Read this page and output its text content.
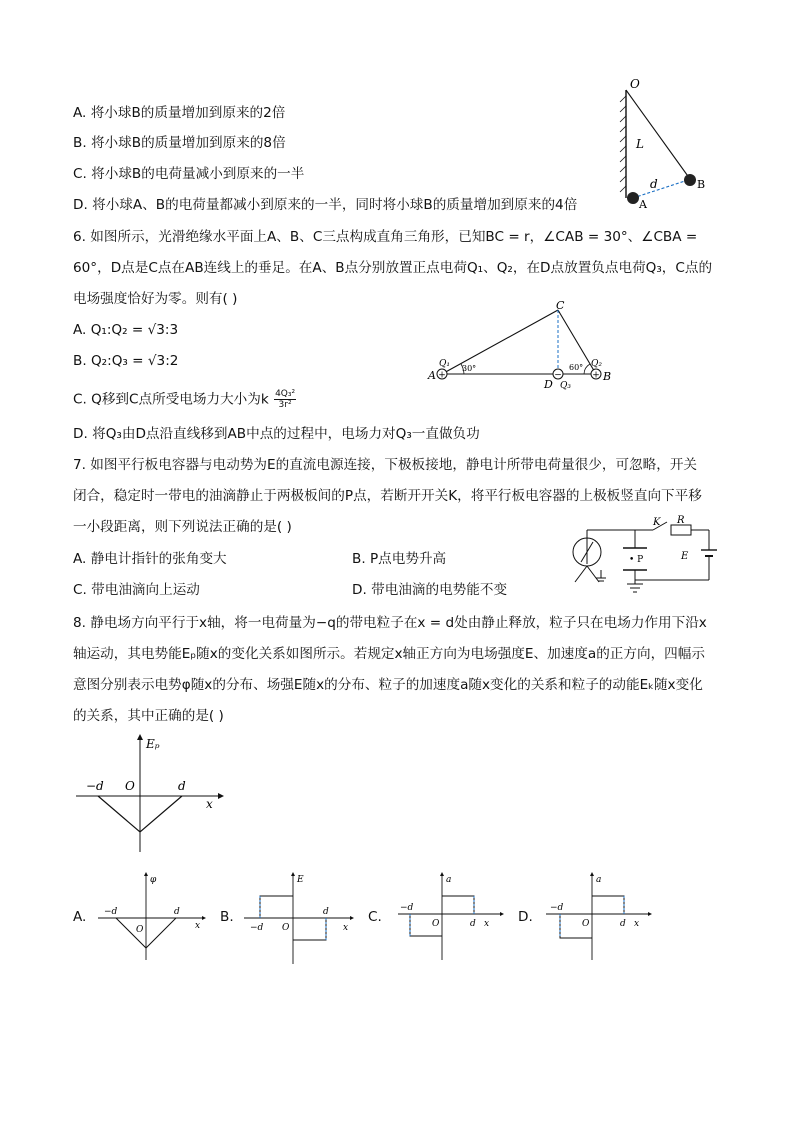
A. 将小球B的质量增加到原来的2倍
B. 将小球B的质量增加到原来的8倍
C. 将小球B的电荷量减小到原来的一半
D. 将小球A、B的电荷量都减小到原来的一半，同时将小球B的质量增加到原来的4倍
O
L
d
A
B
6. 如图所示，光滑绝缘水平面上A、B、C三点构成直角三角形，已知BC = r，∠CAB = 30°、∠CBA =
60°，D点是C点在AB连线上的垂足。在A、B点分别放置正点电荷Q₁、Q₂，在D点放置负点电荷Q₃，C点的
电场强度恰好为零。则有( )
A. Q₁:Q₂ = √3:3
B. Q₂:Q₃ = √3:2
C. Q移到C点所受电场力大小为k $\frac{\text{4Q₃²}}{\text{3r²}}$
D. 将Q₃由D点沿直线移到AB中点的过程中，电场力对Q₃一直做负功
+	−	+
C
A	B
D
Q₁	Q₂
Q₃
30°	60°
7. 如图平行板电容器与电动势为E的直流电源连接，下极板接地，静电计所带电荷量很少，可忽略，开关
闭合，稳定时一带电的油滴静止于两极板间的P点，若断开开关K，将平行板电容器的上极板竖直向下平移
一小段距离，则下列说法正确的是( )
A. 静电计指针的张角变大	B. P点电势升高
C. 带电油滴向上运动	D. 带电油滴的电势能不变
• P
K R
E
8. 静电场方向平行于x轴，将一电荷量为−q的带电粒子在x = d处由静止释放，粒子只在电场力作用下沿x
轴运动，其电势能Eₚ随x的变化关系如图所示。若规定x轴正方向为电场强度E、加速度a的正方向，四幅示
意图分别表示电势φ随x的分布、场强E随x的分布、粒子的加速度a随x变化的关系和粒子的动能Eₖ随x变化
的关系，其中正确的是( )
Eₚ
x
−d O	d
A.
φ
−d
O
d
x
B.
E
−d O
d
x
C.
a
−d
O	d x D.
a
−d
O	d x
